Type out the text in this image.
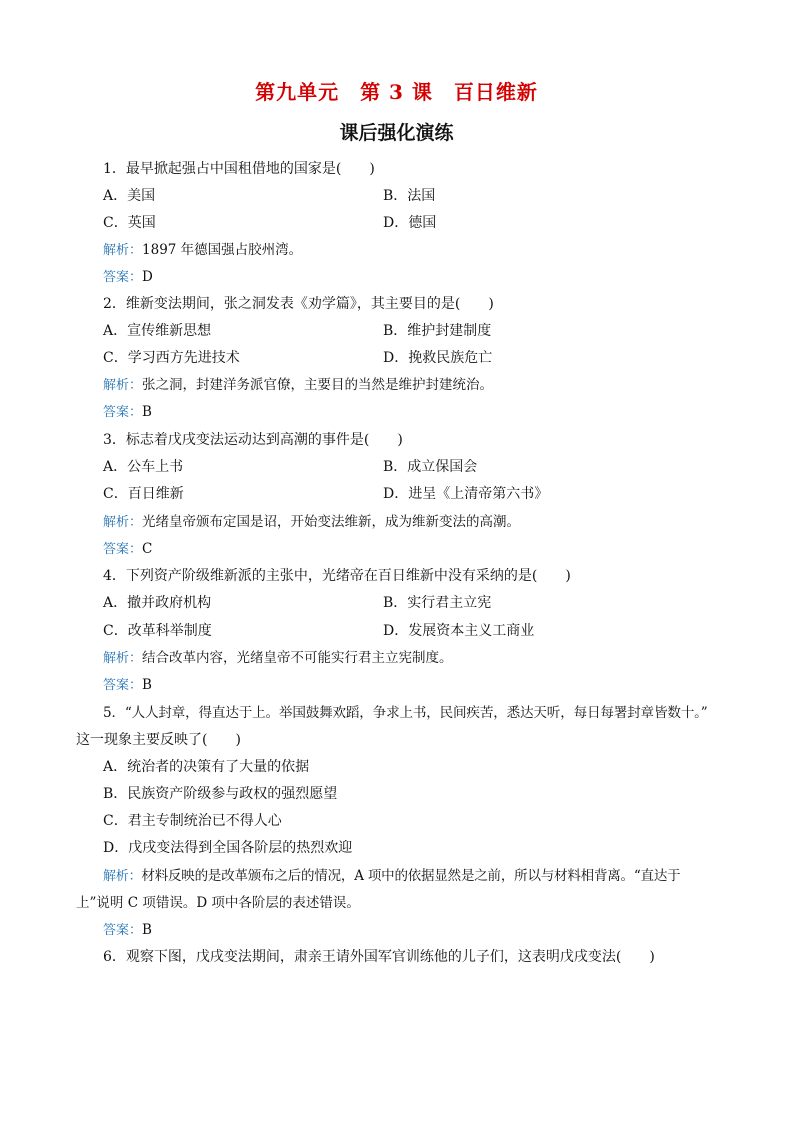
第九单元　第 3 课　百日维新
课后强化演练
1．最早掀起强占中国租借地的国家是(　　)
A．美国	B．法国
C．英国	D．德国
解析：1897 年德国强占胶州湾。
答案：D
2．维新变法期间，张之洞发表《劝学篇》，其主要目的是(　　)
A．宣传维新思想	B．维护封建制度
C．学习西方先进技术	D．挽救民族危亡
解析：张之洞，封建洋务派官僚，主要目的当然是维护封建统治。
答案：B
3．标志着戊戌变法运动达到高潮的事件是(　　)
A．公车上书	B．成立保国会
C．百日维新	D．进呈《上清帝第六书》
解析：光绪皇帝颁布定国是诏，开始变法维新，成为维新变法的高潮。
答案：C
4．下列资产阶级维新派的主张中，光绪帝在百日维新中没有采纳的是(　　)
A．撤并政府机构	B．实行君主立宪
C．改革科举制度	D．发展资本主义工商业
解析：结合改革内容，光绪皇帝不可能实行君主立宪制度。
答案：B
5．“人人封章，得直达于上。举国鼓舞欢蹈，争求上书，民间疾苦，悉达天听，每日每署封章皆数十。”
这一现象主要反映了(　　)
A．统治者的决策有了大量的依据
B．民族资产阶级参与政权的强烈愿望
C．君主专制统治已不得人心
D．戊戌变法得到全国各阶层的热烈欢迎
解析：材料反映的是改革颁布之后的情况，A 项中的依据显然是之前，所以与材料相背离。“直达于
上”说明 C 项错误。D 项中各阶层的表述错误。
答案：B
6．观察下图，戊戌变法期间，肃亲王请外国军官训练他的儿子们，这表明戊戌变法(　　)
